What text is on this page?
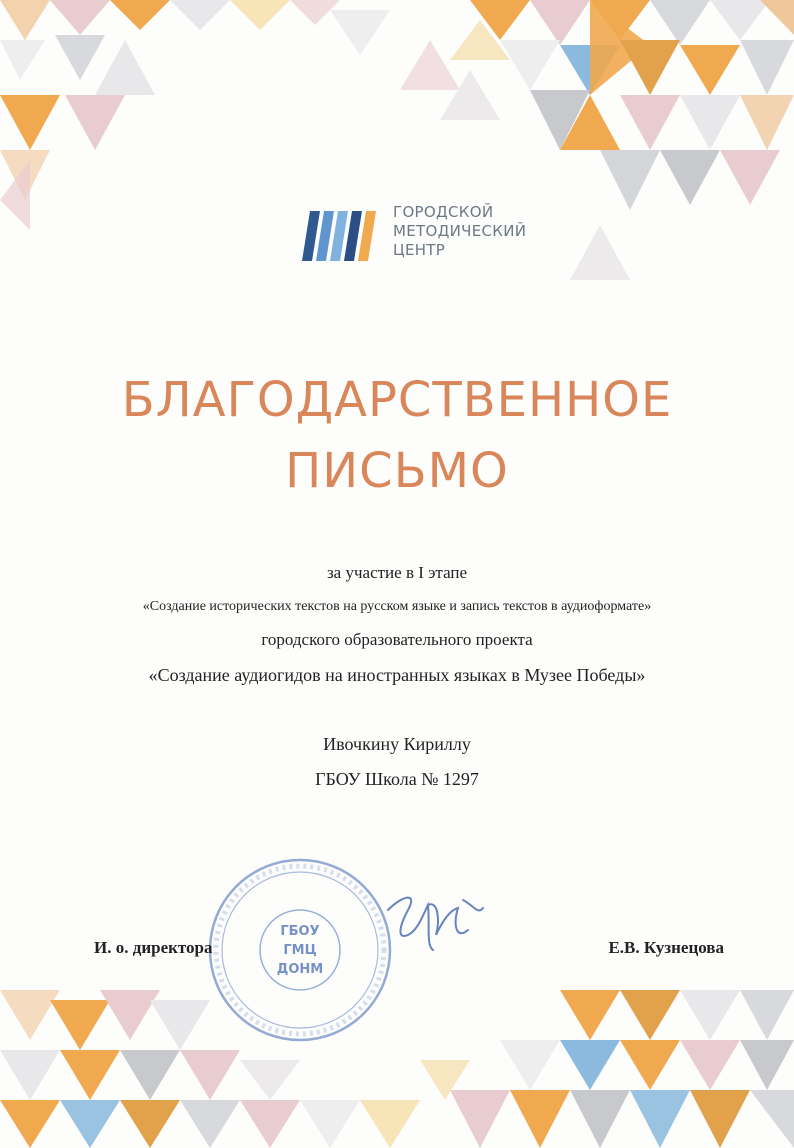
ГОРОДСКОЙ
МЕТОДИЧЕСКИЙ
ЦЕНТР
БЛАГОДАРСТВЕННОЕ
ПИСЬМО
за участие в I этапе
«Создание исторических текстов на русском языке и запись текстов в аудиоформате»
городского образовательного проекта
«Создание аудиогидов на иностранных языках в Музее Победы»
Ивочкину Кириллу
ГБОУ Школа № 1297
ГБОУ
ГМЦ
ДОНМ
И. о. директора	Е.В. Кузнецова
